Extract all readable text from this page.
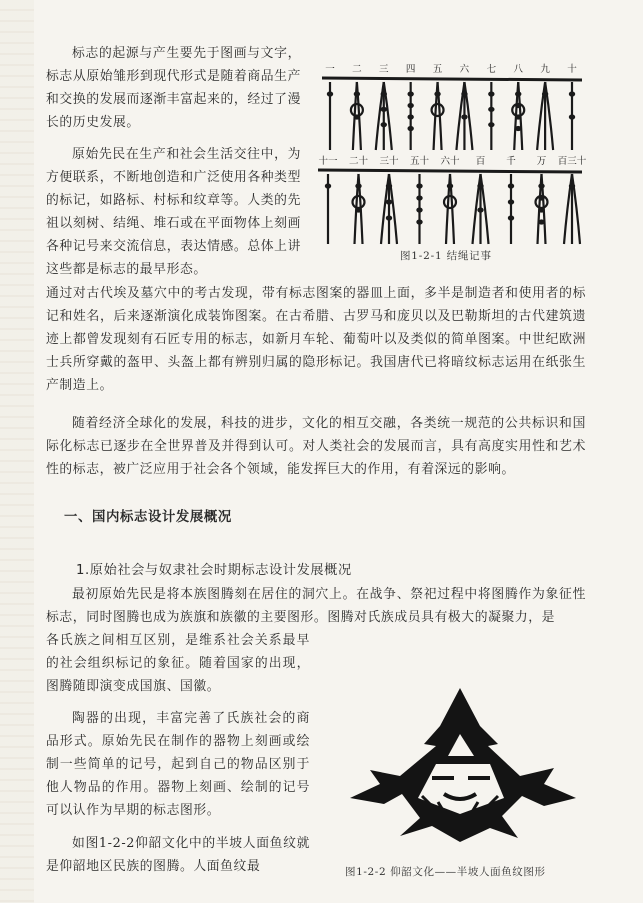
标志的起源与产生要先于图画与文字，标志从原始雏形到现代形式是随着商品生产和交换的发展而逐渐丰富起来的，经过了漫长的历史发展。

原始先民在生产和社会生活交往中，为方便联系，不断地创造和广泛使用各种类型的标记，如路标、村标和纹章等。人类的先祖以刻树、结绳、堆石或在平面物体上刻画各种记号来交流信息，表达情感。总体上讲这些都是标志的最早形态。

通过对古代埃及墓穴中的考古发现，带有标志图案的器皿上面，多半是制造者和使用者的标记和姓名，后来逐渐演化成装饰图案。在古希腊、古罗马和庞贝以及巴勒斯坦的古代建筑遗迹上都曾发现刻有石匠专用的标志，如新月车轮、葡萄叶以及类似的简单图案。中世纪欧洲士兵所穿戴的盔甲、头盔上都有辨别归属的隐形标记。我国唐代已将暗纹标志运用在纸张生产制造上。

随着经济全球化的发展，科技的进步，文化的相互交融，各类统一规范的公共标识和国际化标志已逐步在全世界普及并得到认可。对人类社会的发展而言，具有高度实用性和艺术性的标志，被广泛应用于社会各个领域，能发挥巨大的作用，有着深远的影响。

一、国内标志设计发展概况
1.原始社会与奴隶社会时期标志设计发展概况

最初原始先民是将本族图腾刻在居住的洞穴上。在战争、祭祀过程中将图腾作为象征性标志，同时图腾也成为族旗和族徽的主要图形。图腾对氏族成员具有极大的凝聚力，是

各氏族之间相互区别，是维系社会关系最早的社会组织标记的象征。随着国家的出现，图腾随即演变成国旗、国徽。

陶器的出现，丰富完善了氏族社会的商品形式。原始先民在制作的器物上刻画或绘制一些简单的记号，起到自己的物品区别于他人物品的作用。器物上刻画、绘制的记号可以认作为早期的标志图形。

如图1-2-2仰韶文化中的半坡人面鱼纹就是仰韶地区民族的图腾。人面鱼纹最

一 二 三 四 五 六 七 八 九 十
十一 二十 三十 五十 六十 百 千 万 百三十
图1-2-1 结绳记事
图1-2-2 仰韶文化——半坡人面鱼纹图形
